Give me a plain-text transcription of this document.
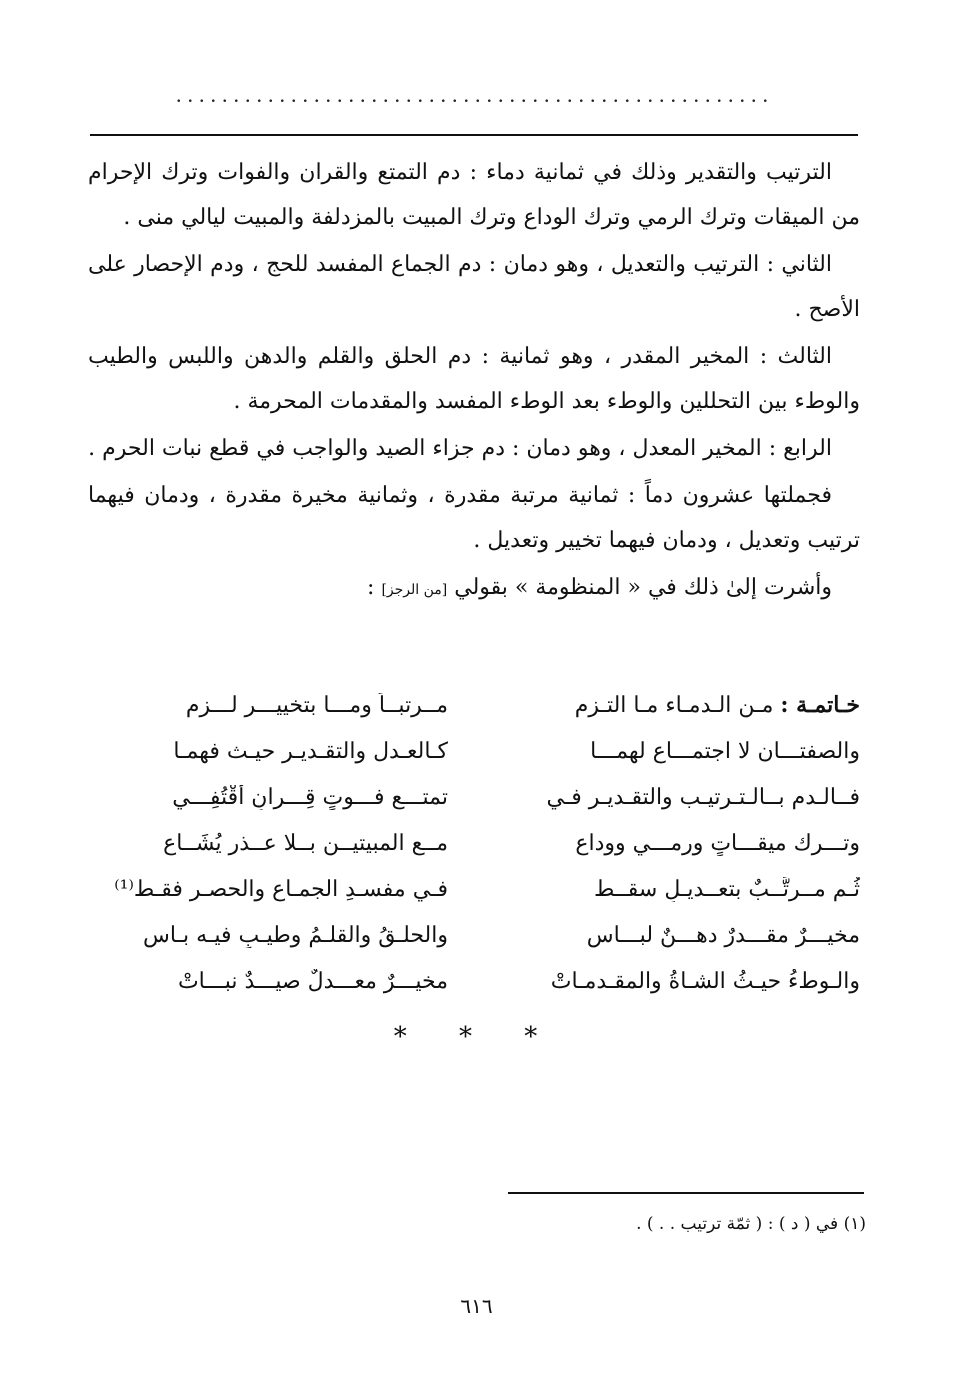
....................................................

الترتيب والتقدير وذلك في ثمانية دماء : دم التمتع والقران والفوات وترك الإحرام من الميقات وترك الرمي وترك الوداع وترك المبيت بالمزدلفة والمبيت ليالي منى .

الثاني : الترتيب والتعديل ، وهو دمان : دم الجماع المفسد للحج ، ودم الإحصار على الأصح .

الثالث : المخير المقدر ، وهو ثمانية : دم الحلق والقلم والدهن واللبس والطيب والوطء بين التحللين والوطء بعد الوطء المفسد والمقدمات المحرمة .

الرابع : المخير المعدل ، وهو دمان : دم جزاء الصيد والواجب في قطع نبات الحرم .

فجملتها عشرون دماً : ثمانية مرتبة مقدرة ، وثمانية مخيرة مقدرة ، ودمان فيهما ترتيب وتعديل ، ودمان فيهما تخيير وتعديل .

وأشرت إلىٰ ذلك في « المنظومة » بقولي [من الرجز] :

خـاتمـة : مـن الـدمـاء مـا التـزم
مــرتبــاً ومـــا بتخييـــر لـــزم
والصفتـــان لا اجتمـــاع لهمـــا
كـالعـدل والتقـديـر حيـث فهمـا
فــالـدم بــالـتـرتيـب والتقـديـر فـي
تمتـــعِ فـــوتٍ قِـــرانٍ أقْتُفِـــي
وتـــرك ميقـــاتٍ ورمـــي ووداع
مــع المبيتيــن بــلا عــذر يُشَــاع
ثُـم مــرتَّــبٌ بتعــديـلٍ سقــط
فـي مفسـدِ الجمـاع والحصـرِ فقـط⁽¹⁾
مخيـــرٌ مقـــدرٌ دهـــنٌ لبـــاس
والحلـقُ والقلـمُ وطيـبٍ فيـه بـاس
والـوطءُ حيـثُ الشـاةُ والمقـدمـاتْ
مخيـــرٌ معـــدلٌ صيـــدٌ نبـــاتْ
* * *
(١) في ( د ) : ( ثمّة ترتيب . . ) .
٦١٦
